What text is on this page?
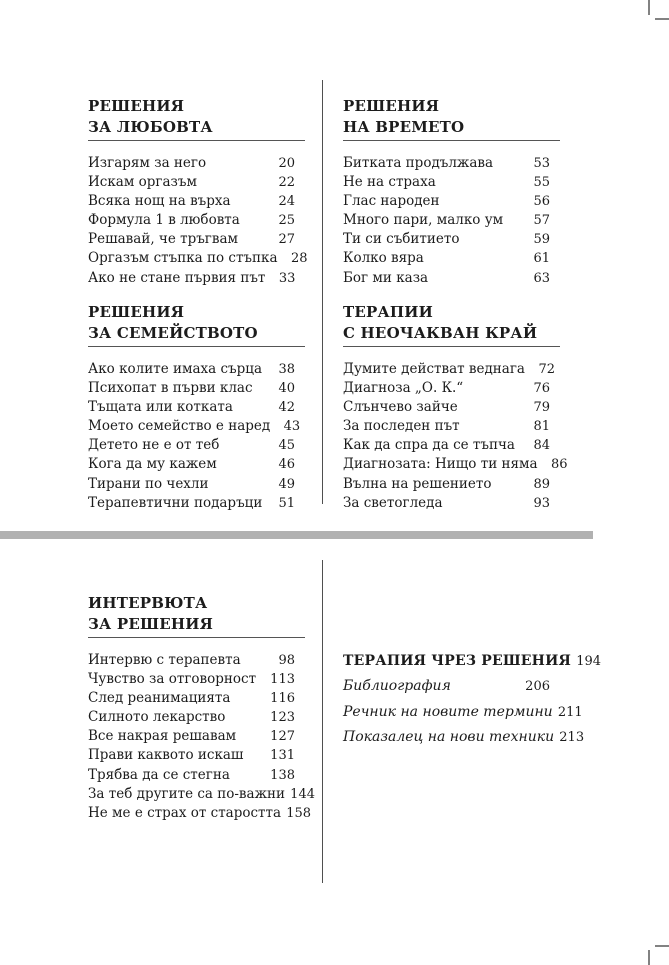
РЕШЕНИЯ
ЗА ЛЮБОВТА
Изгарям за него	20
Искам оргазъм	22
Всяка нощ на върха	24
Формула 1 в любовта	25
Решавай, че тръгвам	27
Оргазъм стъпка по стъпка	28
Ако не стане първия път	33
РЕШЕНИЯ
ЗА СЕМЕЙСТВОТО
Ако колите имаха сърца	38
Психопат в първи клас	40
Тъщата или котката	42
Моето семейство е наред	43
Детето не е от теб	45
Кога да му кажем	46
Тирани по чехли	49
Терапевтични подаръци	51
РЕШЕНИЯ
НА ВРЕМЕТО
Битката продължава	53
Не на страха	55
Глас народен	56
Много пари, малко ум	57
Ти си събитието	59
Колко вяра	61
Бог ми каза	63
ТЕРАПИИ
С НЕОЧАКВАН КРАЙ
Думите действат веднага	72
Диагноза „О. К.“	76
Слънчево зайче	79
За последен път	81
Как да спра да се тъпча	84
Диагнозата: Нищо ти няма	86
Вълна на решението	89
За светогледа	93
ИНТЕРВЮТА
ЗА РЕШЕНИЯ
Интервю с терапевта	98
Чувство за отговорност	113
След реанимацията	116
Силното лекарство	123
Все накрая решавам	127
Прави каквото искаш	131
Трябва да се стегна	138
За теб другите са по-важни 144
Не ме е страх от старостта 158
ТЕРАПИЯ ЧРЕЗ РЕШЕНИЯ 194
Библиография	206
Речник на новите термини 211
Показалец на нови техники 213
